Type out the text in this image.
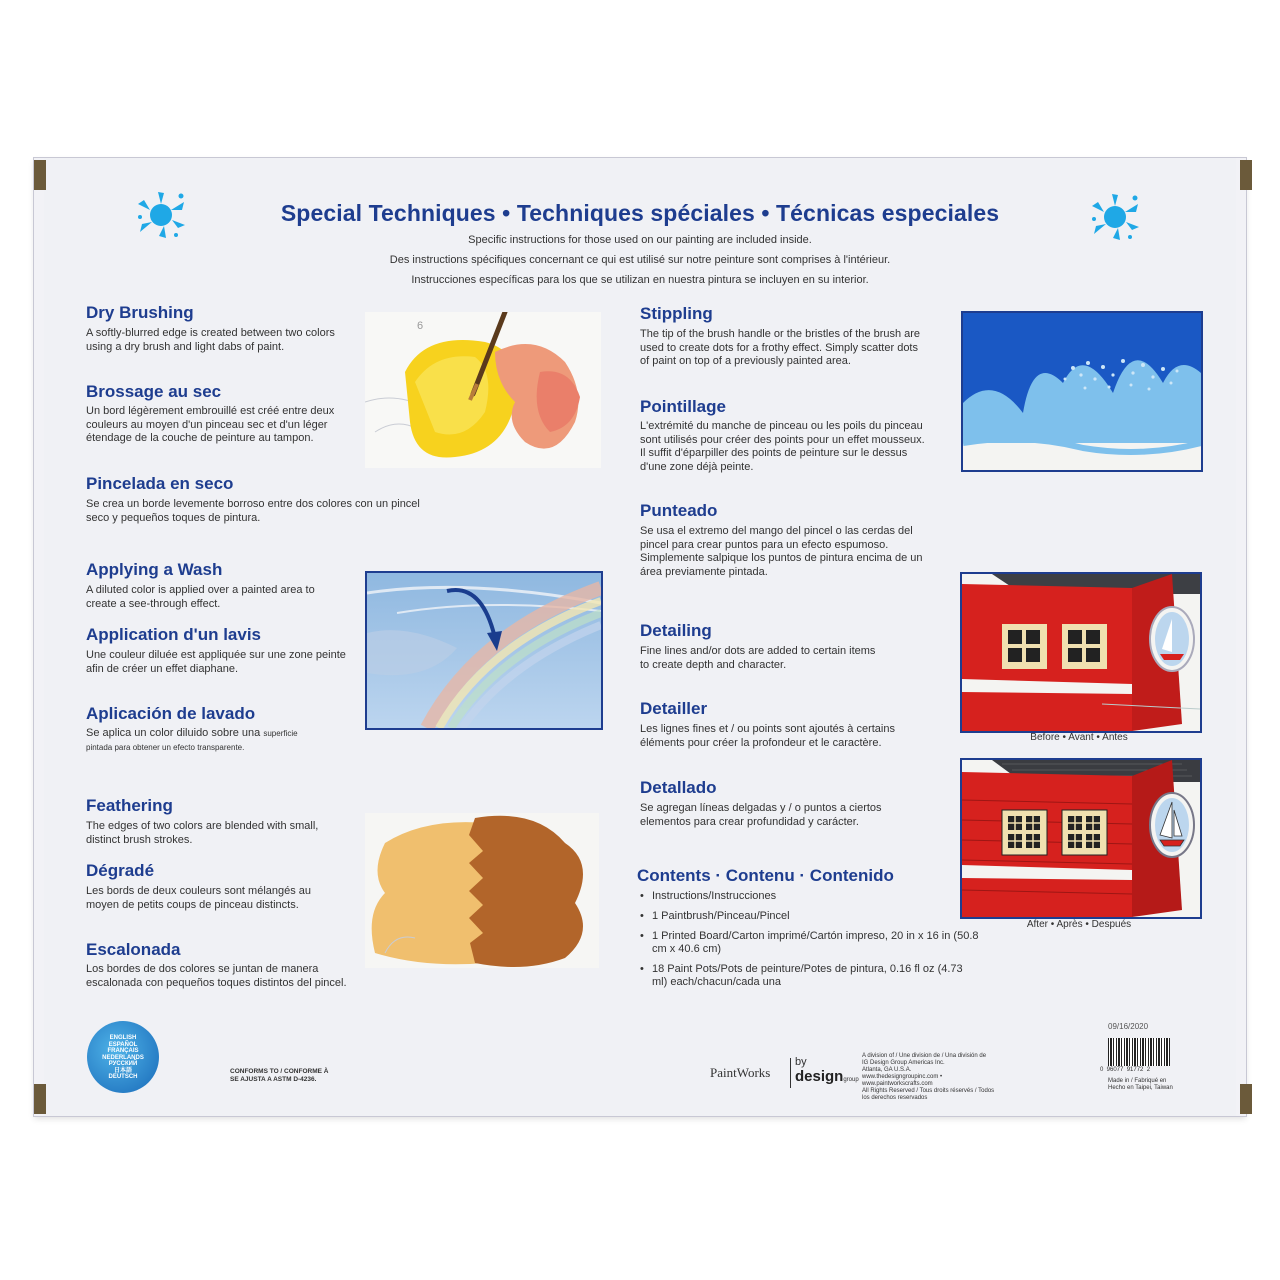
Special Techniques • Techniques spéciales • Técnicas especiales
Specific instructions for those used on our painting are included inside.
Des instructions spécifiques concernant ce qui est utilisé sur notre peinture sont comprises à l'intérieur.
Instrucciones específicas para los que se utilizan en nuestra pintura se incluyen en su interior.
Dry Brushing
A softly-blurred edge is created between two colors using a dry brush and light dabs of paint.
Brossage au sec
Un bord légèrement embrouillé est créé entre deux couleurs au moyen d'un pinceau sec et d'un léger étendage de la couche de peinture au tampon.
Pincelada en seco
Se crea un borde levemente borroso entre dos colores con un pincel seco y pequeños toques de pintura.
6
Applying a Wash
A diluted color is applied over a painted area to create a see-through effect.
Application d'un lavis
Une couleur diluée est appliquée sur une zone peinte afin de créer un effet diaphane.
Aplicación de lavado
Se aplica un color diluido sobre una superficie pintada para obtener un efecto transparente.
Feathering
The edges of two colors are blended with small, distinct brush strokes.
Dégradé
Les bords de deux couleurs sont mélangés au moyen de petits coups de pinceau distincts.
Escalonada
Los bordes de dos colores se juntan de manera escalonada con pequeños toques distintos del pincel.
Stippling
The tip of the brush handle or the bristles of the brush are used to create dots for a frothy effect. Simply scatter dots of paint on top of a previously painted area.
Pointillage
L'extrémité du manche de pinceau ou les poils du pinceau sont utilisés pour créer des points pour un effet mousseux. Il suffit d'éparpiller des points de peinture sur le dessus d'une zone déjà peinte.
Punteado
Se usa el extremo del mango del pincel o las cerdas del pincel para crear puntos para un efecto espumoso. Simplemente salpique los puntos de pintura encima de un área previamente pintada.
Detailing
Fine lines and/or dots are added to certain items to create depth and character.
Detailler
Les lignes fines et / ou points sont ajoutés à certains éléments pour créer la profondeur et le caractère.
Detallado
Se agregan líneas delgadas y / o puntos a ciertos elementos para crear profundidad y carácter.
Before • Avant • Antes
After • Après • Después
Contents · Contenu · Contenido
• Instructions/Instrucciones
• 1 Paintbrush/Pinceau/Pincel
• 1 Printed Board/Carton imprimé/Cartón impreso, 20 in x 16 in (50.8 cm x 40.6 cm)
• 18 Paint Pots/Pots de peinture/Potes de pintura, 0.16 fl oz (4.73 ml) each/chacun/cada una
ENGLISH
ESPAÑOL
FRANÇAIS
NEDERLANDS
РУССКИЙ
日本語
DEUTSCH
CONFORMS TO / CONFORME À
SE AJUSTA A ASTM D-4236.	PaintWorks
by
designgroup
A division of / Une division de / Una división de
IG Design Group Americas Inc.
Atlanta, GA U.S.A.
www.thedesigngroupinc.com • www.paintworkscrafts.com
All Rights Reserved / Tous droits réservés / Todos los derechos reservados
09/16/2020
0  96077  91772  2
Made in / Fabriqué en
Hecho en Taipei, Taiwan
